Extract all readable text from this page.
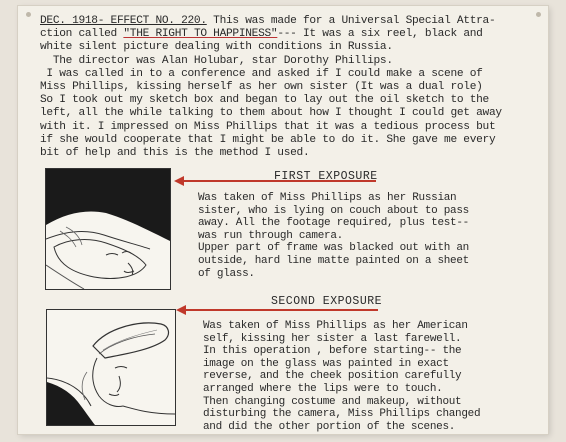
DEC. 1918- EFFECT NO. 220. This was made for a Universal Special Attra-

ction called "THE RIGHT TO HAPPINESS"--- It was a six reel, black and

white silent picture dealing with conditions in Russia.

The director was Alan Holubar, star Dorothy Phillips.

I was called in to a conference and asked if I could make a scene of

Miss Phillips, kissing herself as her own sister (It was a dual role)

So I took out my sketch box and began to lay out the oil sketch to the

left, all the while talking to them about how I thought I could get away

with it. I impressed on Miss Phillips that it was a tedious process but

if she would cooperate that I might be able to do it. She gave me every

bit of help and this is the method I used.

FIRST EXPOSURE

Was taken of Miss Phillips as her Russian

sister, who is lying on couch about to pass

away. All the footage required, plus test--

was run through camera.

Upper part of frame was blacked out with an

outside, hard line matte painted on a sheet

of glass.

SECOND EXPOSURE

Was taken of Miss Phillips as her American

self, kissing her sister a last farewell.

In this operation , before starting-- the

image on the glass was painted in exact

reverse, and the cheek position carefully

arranged where the lips were to touch.

Then changing costume and makeup, without

disturbing the camera, Miss Phillips changed

and did the other portion of the scenes.
